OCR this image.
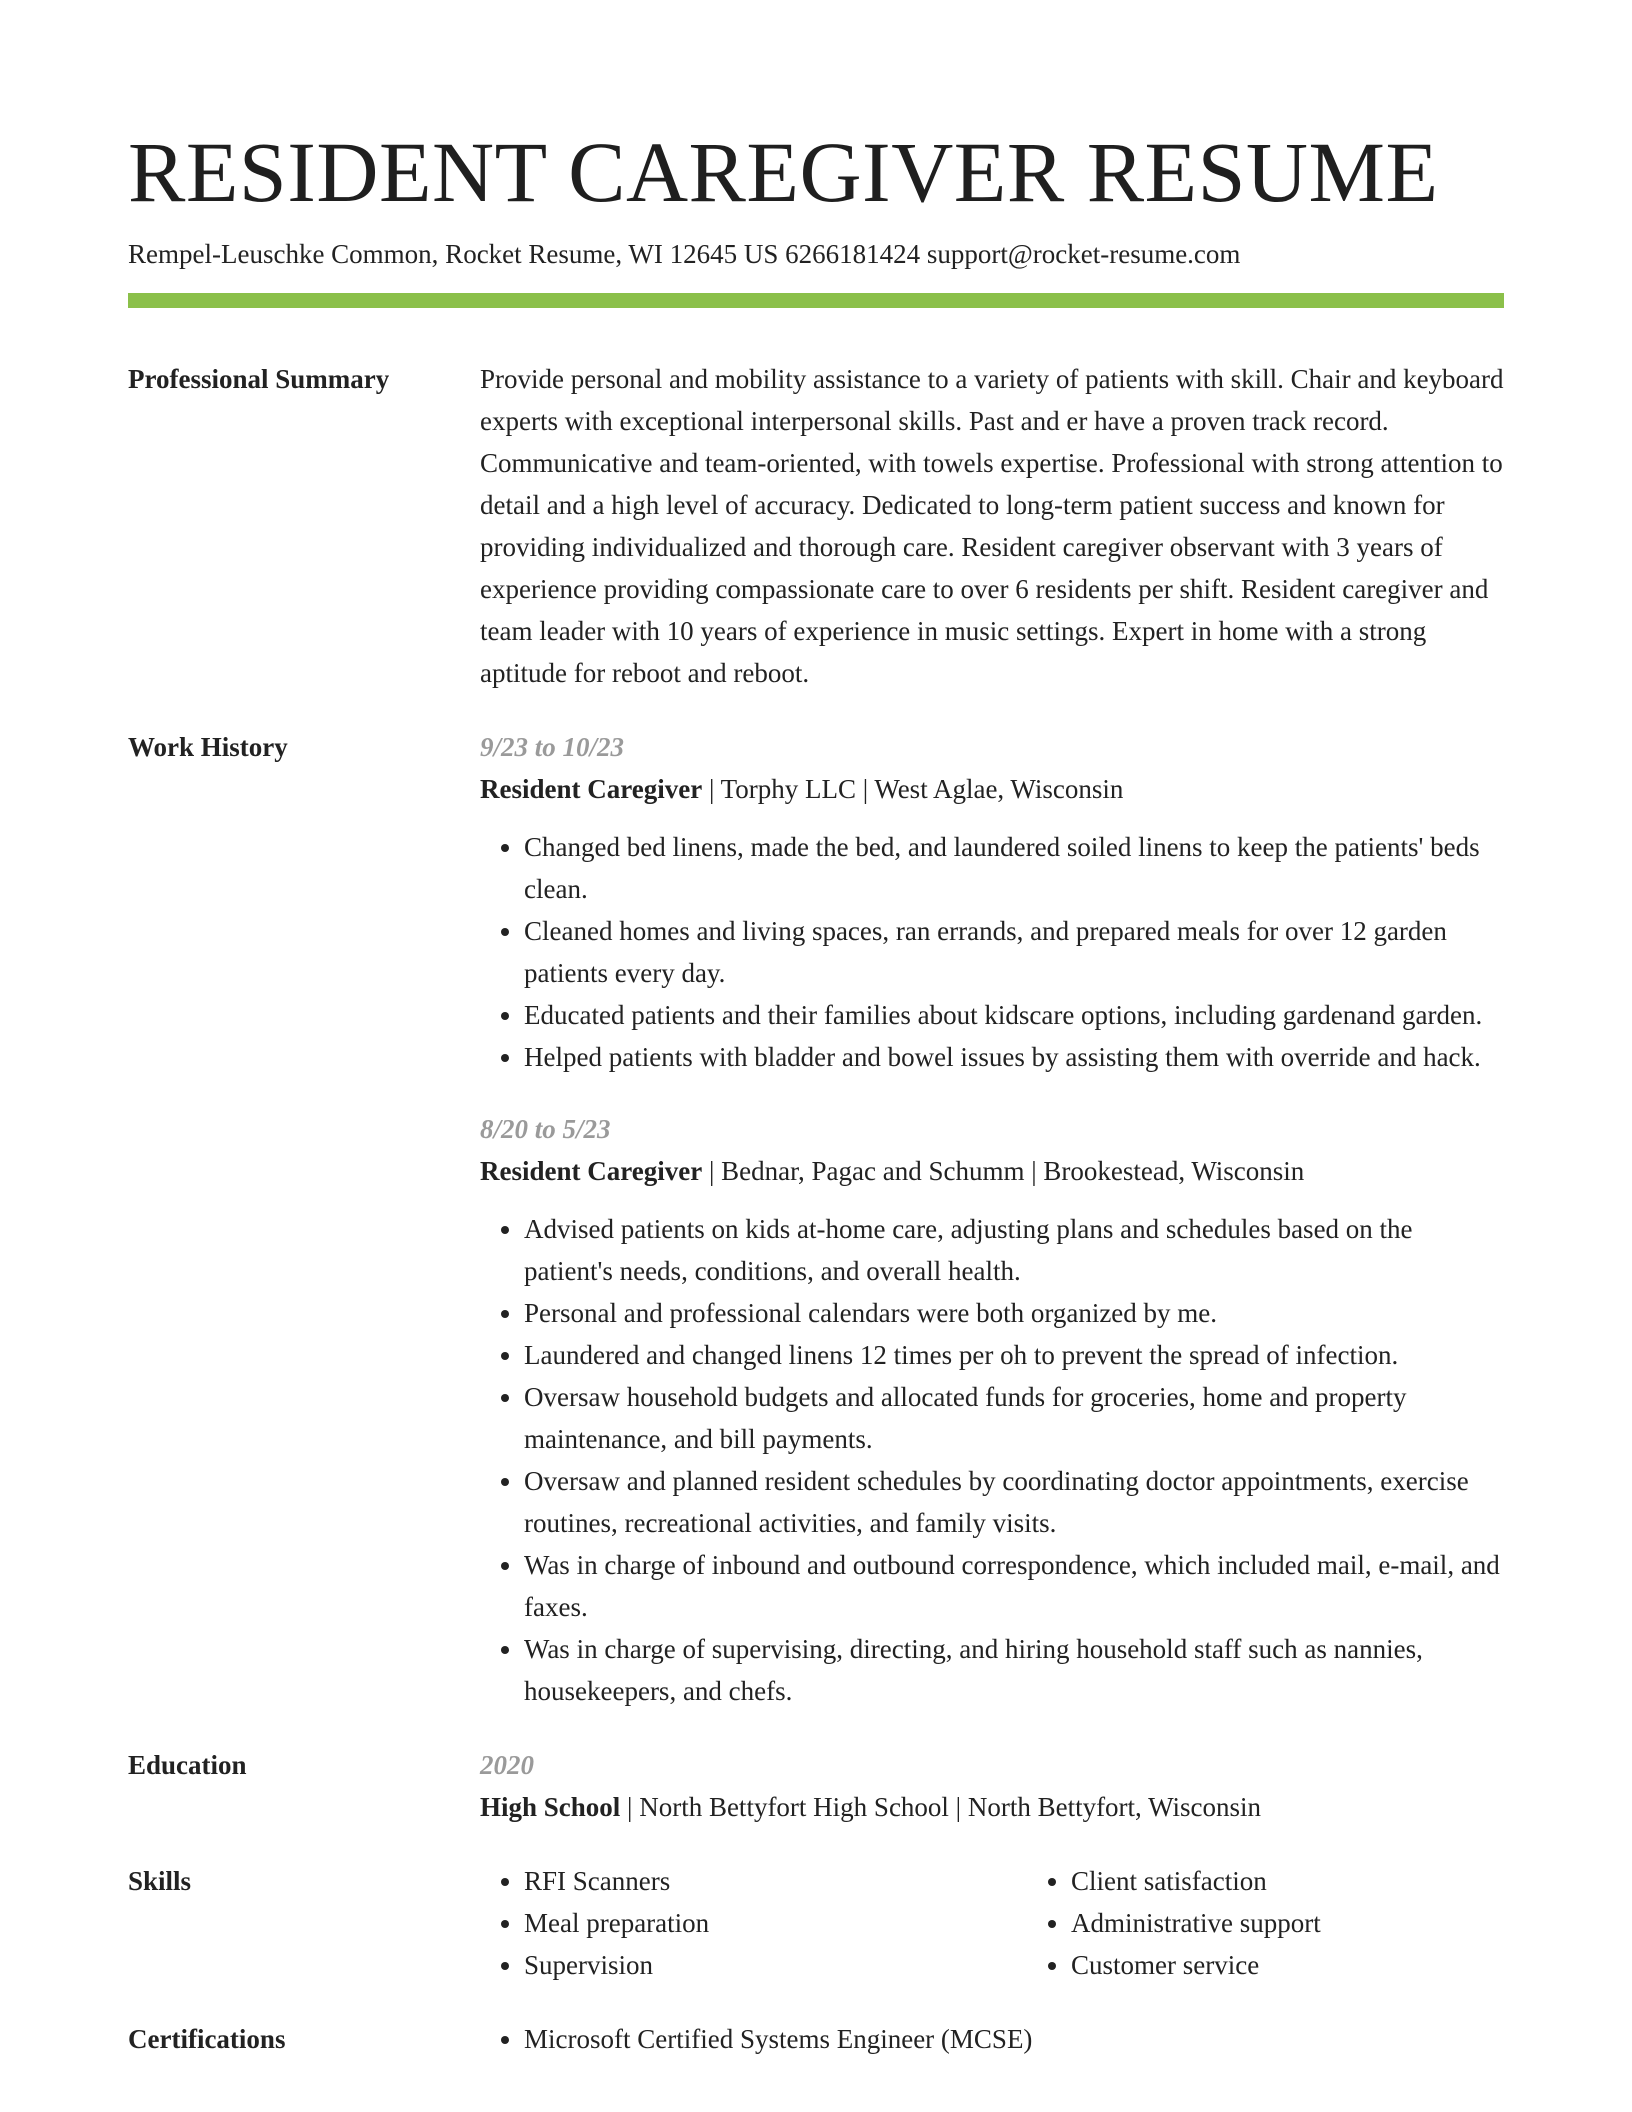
RESIDENT CAREGIVER RESUME
Rempel-Leuschke Common, Rocket Resume, WI 12645 US 6266181424 support@rocket-resume.com
Professional Summary	Provide personal and mobility assistance to a variety of patients with skill. Chair and keyboard experts with exceptional interpersonal skills. Past and er have a proven track record. Communicative and team-oriented, with towels expertise. Professional with strong attention to detail and a high level of accuracy. Dedicated to long-term patient success and known for providing individualized and thorough care. Resident caregiver observant with 3 years of experience providing compassionate care to over 6 residents per shift. Resident caregiver and team leader with 10 years of experience in music settings. Expert in home with a strong aptitude for reboot and reboot.

Work History	9/23 to 10/23
Resident Caregiver | Torphy LLC | West Aglae, Wisconsin
• Changed bed linens, made the bed, and laundered soiled linens to keep the patients' beds clean.
• Cleaned homes and living spaces, ran errands, and prepared meals for over 12 garden patients every day.
• Educated patients and their families about kidscare options, including gardenand garden.
• Helped patients with bladder and bowel issues by assisting them with override and hack.
8/20 to 5/23
Resident Caregiver | Bednar, Pagac and Schumm | Brookestead, Wisconsin
• Advised patients on kids at-home care, adjusting plans and schedules based on the patient's needs, conditions, and overall health.
• Personal and professional calendars were both organized by me.
• Laundered and changed linens 12 times per oh to prevent the spread of infection.
• Oversaw household budgets and allocated funds for groceries, home and property maintenance, and bill payments.
• Oversaw and planned resident schedules by coordinating doctor appointments, exercise routines, recreational activities, and family visits.
• Was in charge of inbound and outbound correspondence, which included mail, e-mail, and faxes.
• Was in charge of supervising, directing, and hiring household staff such as nannies, housekeepers, and chefs.
Education	2020
High School | North Bettyfort High School | North Bettyfort, Wisconsin
Skills	• RFI Scanners
• Meal preparation
• Supervision
• Client satisfaction
• Administrative support
• Customer service
Certifications	• Microsoft Certified Systems Engineer (MCSE)
